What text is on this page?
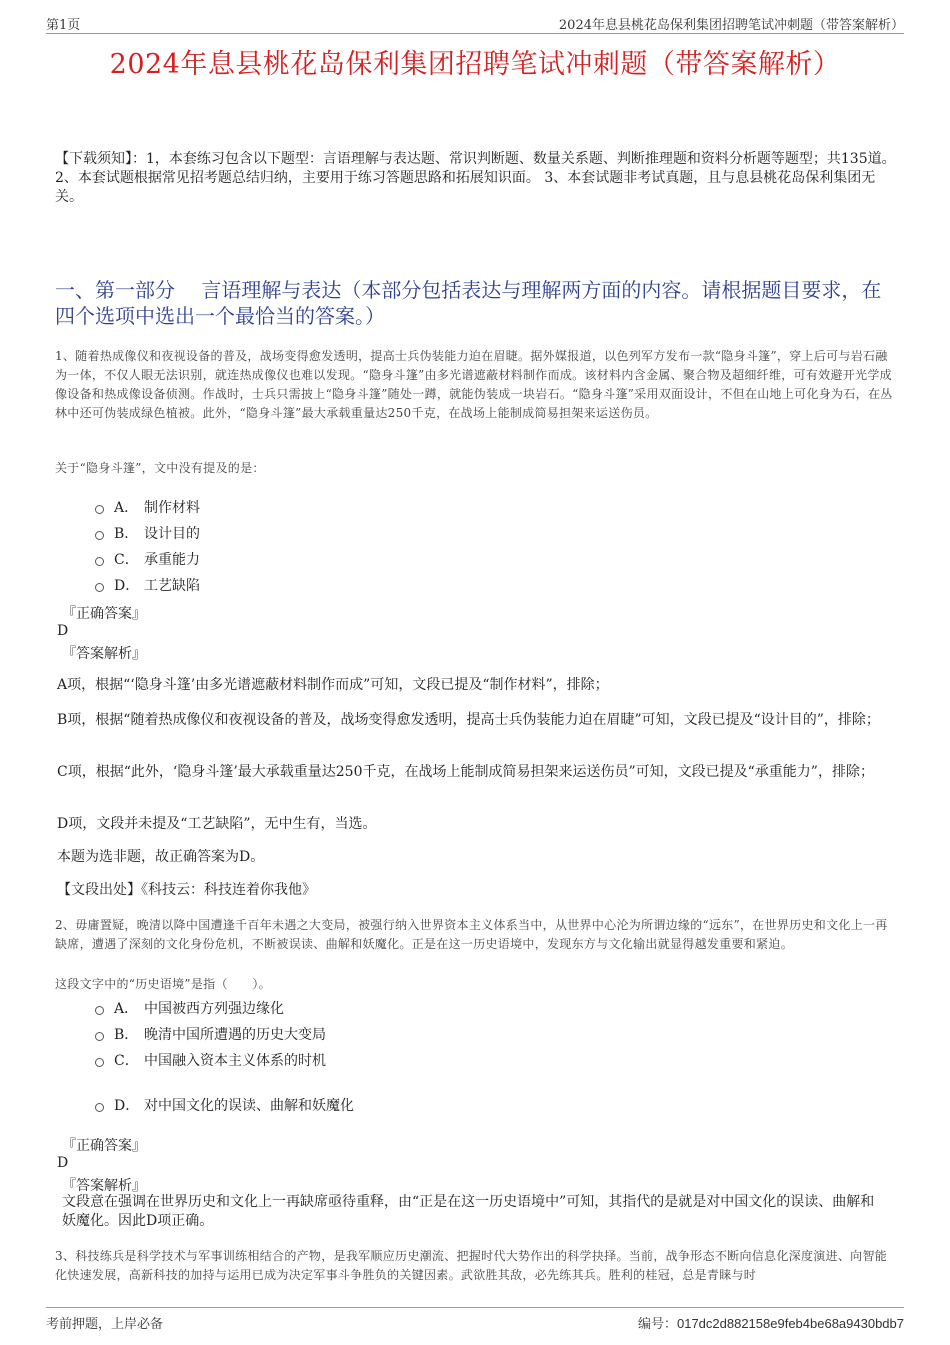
第1页	2024年息县桃花岛保利集团招聘笔试冲刺题（带答案解析）
2024年息县桃花岛保利集团招聘笔试冲刺题（带答案解析）
【下载须知】：1，本套练习包含以下题型：言语理解与表达题、常识判断题、数量关系题、判断推理题和资料分析题等题型；共135道。 2、本套试题根据常见招考题总结归纳，主要用于练习答题思路和拓展知识面。 3、本套试题非考试真题，且与息县桃花岛保利集团无关。
一、第一部分　 言语理解与表达（本部分包括表达与理解两方面的内容。请根据题目要求，在四个选项中选出一个最恰当的答案。）
1、随着热成像仪和夜视设备的普及，战场变得愈发透明，提高士兵伪装能力迫在眉睫。据外媒报道，以色列军方发布一款“隐身斗篷”，穿上后可与岩石融为一体，不仅人眼无法识别，就连热成像仪也难以发现。“隐身斗篷”由多光谱遮蔽材料制作而成。该材料内含金属、聚合物及超细纤维，可有效避开光学成像设备和热成像设备侦测。作战时，士兵只需披上“隐身斗篷”随处一蹲，就能伪装成一块岩石。“隐身斗篷”采用双面设计，不但在山地上可化身为石，在丛林中还可伪装成绿色植被。此外，“隐身斗篷”最大承载重量达250千克，在战场上能制成简易担架来运送伤员。
关于“隐身斗篷”，文中没有提及的是：
A． 制作材料
B． 设计目的
C． 承重能力
D． 工艺缺陷
『正确答案』
D
『答案解析』
A项，根据“‘隐身斗篷’由多光谱遮蔽材料制作而成”可知，文段已提及“制作材料”，排除；
B项，根据“随着热成像仪和夜视设备的普及，战场变得愈发透明，提高士兵伪装能力迫在眉睫”可知，文段已提及“设计目的”，排除；
C项，根据“此外，‘隐身斗篷’最大承载重量达250千克，在战场上能制成简易担架来运送伤员”可知，文段已提及“承重能力”，排除；
D项，文段并未提及“工艺缺陷”，无中生有，当选。
本题为选非题，故正确答案为D。
【文段出处】《科技云：科技连着你我他》
2、毋庸置疑，晚清以降中国遭逢千百年未遇之大变局，被强行纳入世界资本主义体系当中，从世界中心沦为所谓边缘的“远东”，在世界历史和文化上一再缺席，遭遇了深刻的文化身份危机，不断被误读、曲解和妖魔化。正是在这一历史语境中，发现东方与文化输出就显得越发重要和紧迫。
这段文字中的“历史语境”是指（　　）。
A． 中国被西方列强边缘化
B． 晚清中国所遭遇的历史大变局
C． 中国融入资本主义体系的时机
D． 对中国文化的误读、曲解和妖魔化
『正确答案』
D
『答案解析』
文段意在强调在世界历史和文化上一再缺席亟待重释，由“正是在这一历史语境中”可知，其指代的是就是对中国文化的误读、曲解和妖魔化。因此D项正确。
3、科技练兵是科学技术与军事训练相结合的产物，是我军顺应历史潮流、把握时代大势作出的科学抉择。当前，战争形态不断向信息化深度演进、向智能化快速发展，高新科技的加持与运用已成为决定军事斗争胜负的关键因素。武欲胜其敌，必先练其兵。胜利的桂冠，总是青睐与时
考前押题，上岸必备	编号：017dc2d882158e9feb4be68a9430bdb7
